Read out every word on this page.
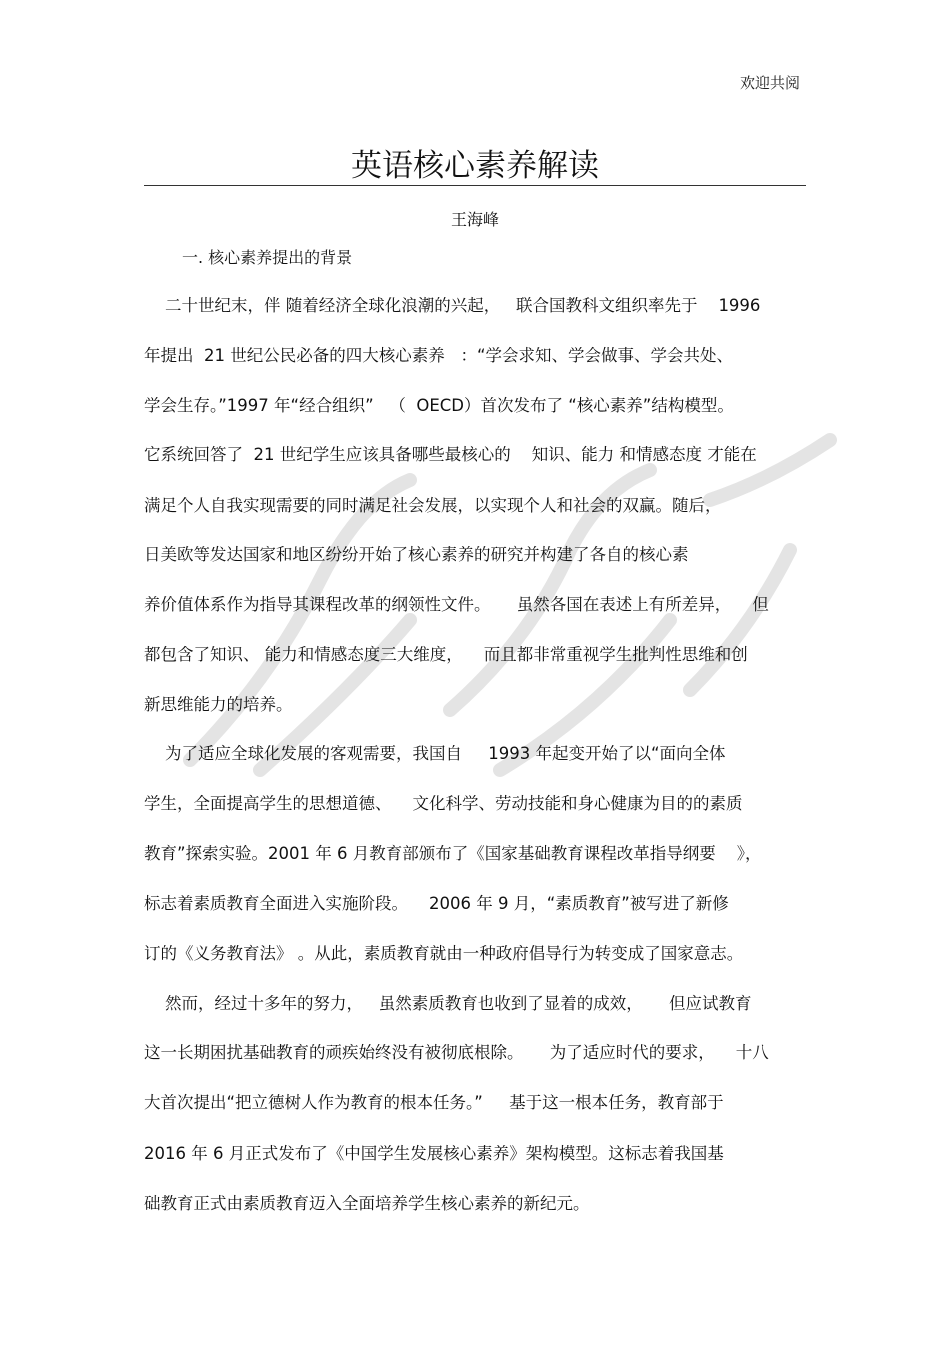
欢迎共阅
英语核心素养解读
王海峰
一. 核心素养提出的背景
二十世纪末，伴 随着经济全球化浪潮的兴起，   联合国教科文组织率先于    1996
年提出  21 世纪公民必备的四大核心素养   ：“学会求知、学会做事、学会共处、
学会生存。”1997 年“经合组织”   （  OECD）首次发布了 “核心素养”结构模型。
它系统回答了  21 世纪学生应该具备哪些最核心的    知识、能力 和情感态度 才能在
满足个人自我实现需要的同时满足社会发展，以实现个人和社会的双赢。随后，
日美欧等发达国家和地区纷纷开始了核心素养的研究并构建了各自的核心素
养价值体系作为指导其课程改革的纲领性文件。     虽然各国在表述上有所差异，    但
都包含了知识、 能力和情感态度三大维度，    而且都非常重视学生批判性思维和创
新思维能力的培养。
为了适应全球化发展的客观需要，我国自     1993 年起变开始了以“面向全体
学生，全面提高学生的思想道德、    文化科学、劳动技能和身心健康为目的的素质
教育”探索实验。2001 年 6 月教育部颁布了《国家基础教育课程改革指导纲要    》，
标志着素质教育全面进入实施阶段。    2006 年 9 月，“素质教育”被写进了新修
订的《义务教育法》 。从此，素质教育就由一种政府倡导行为转变成了国家意志。
然而，经过十多年的努力，   虽然素质教育也收到了显着的成效，     但应试教育
这一长期困扰基础教育的顽疾始终没有被彻底根除。     为了适应时代的要求，    十八
大首次提出“把立德树人作为教育的根本任务。”     基于这一根本任务，教育部于
2016 年 6 月正式发布了《中国学生发展核心素养》架构模型。这标志着我国基
础教育正式由素质教育迈入全面培养学生核心素养的新纪元。
